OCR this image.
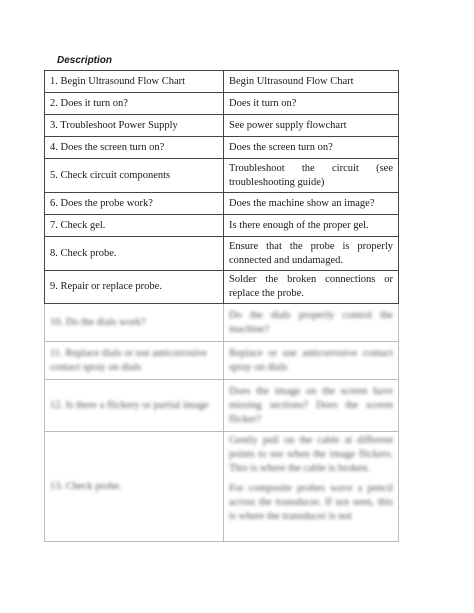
Description
1. Begin Ultrasound Flow Chart	Begin Ultrasound Flow Chart
2. Does it turn on?	Does it turn on?
3. Troubleshoot Power Supply	See power supply flowchart
4. Does the screen turn on?	Does the screen turn on?
5. Check circuit components	Troubleshoot the circuit (see troubleshooting guide)
6. Does the probe work?	Does the machine show an image?
7. Check gel.	Is there enough of the proper gel.
8. Check probe.	Ensure that the probe is properly connected and undamaged.
9. Repair or replace probe.	Solder the broken connections or replace the probe.
10. Do the dials work?	Do the dials properly control the machine?
11. Replace dials or use anticorrosive contact spray on dials	Replace or use anticorrosive contact spray on dials
12. Is there a flickery or partial image	Does the image on the screen have missing sections? Does the screen flicker?
13. Check probe.	Gently pull on the cable at different points to see when the image flickers. This is where the cable is broken.

For composite probes wave a pencil across the transducer. If not seen, this is where the transducer is not
